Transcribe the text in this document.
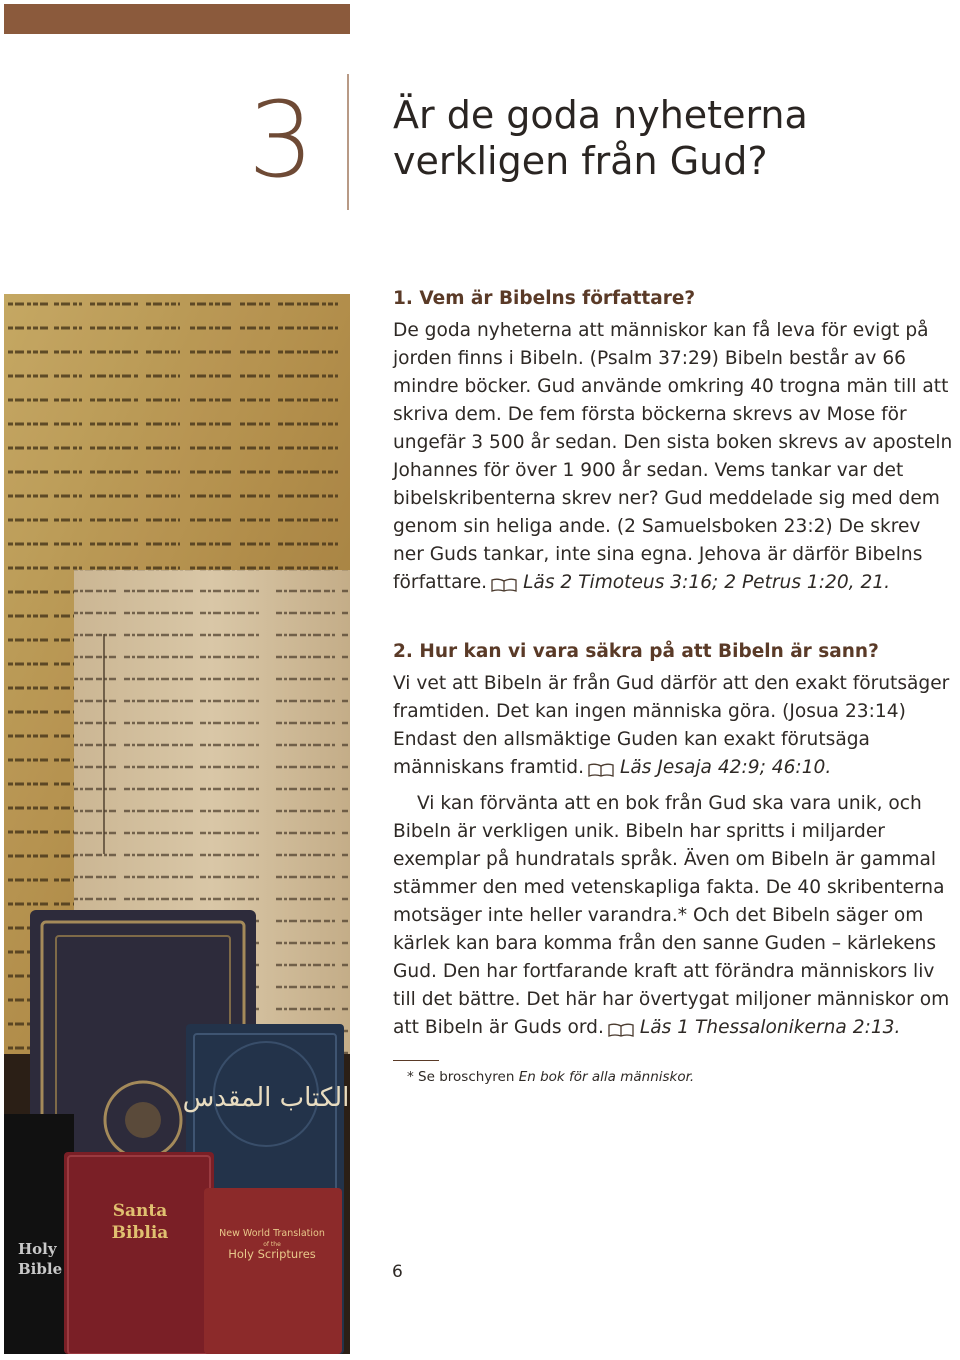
3	Är de goda nyheterna
verkligen från Gud?
Holy
Bible
الكتاب المقدس
Santa
Biblia	New World Translation
of the
Holy Scriptures

1. Vem är Bibelns författare?

De goda nyheterna att människor kan få leva för evigt på jorden finns i Bibeln. (Psalm 37:29) Bibeln består av 66 mindre böcker. Gud använde omkring 40 trogna män till att skriva dem. De fem första böckerna skrevs av Mose för ungefär 3 500 år sedan. Den sista boken skrevs av aposteln Johannes för över 1 900 år sedan. Vems tankar var det bibelskribenterna skrev ner? Gud meddelade sig med dem genom sin heliga ande. (2 Samuelsboken 23:2) De skrev ner Guds tankar, inte sina egna. Jehova är därför Bibelns författare. Läs 2 Timoteus 3:16; 2 Petrus 1:20, 21.

2. Hur kan vi vara säkra på att Bibeln är sann?

Vi vet att Bibeln är från Gud därför att den exakt förutsäger framtiden. Det kan ingen människa göra. (Josua 23:14) Endast den allsmäktige Guden kan exakt förutsäga människans framtid. Läs Jesaja 42:9; 46:10.

Vi kan förvänta att en bok från Gud ska vara unik, och Bibeln är verkligen unik. Bibeln har spritts i miljarder exemplar på hundratals språk. Även om Bibeln är gammal stämmer den med vetenskapliga fakta. De 40 skribenterna motsäger inte heller varandra.* Och det Bibeln säger om kärlek kan bara komma från den sanne Guden – kärlekens Gud. Den har fortfarande kraft att förändra människors liv till det bättre. Det här har övertygat miljoner människor om att Bibeln är Guds ord. Läs 1 Thessalonikerna 2:13.

* Se broschyren En bok för alla människor.

6
